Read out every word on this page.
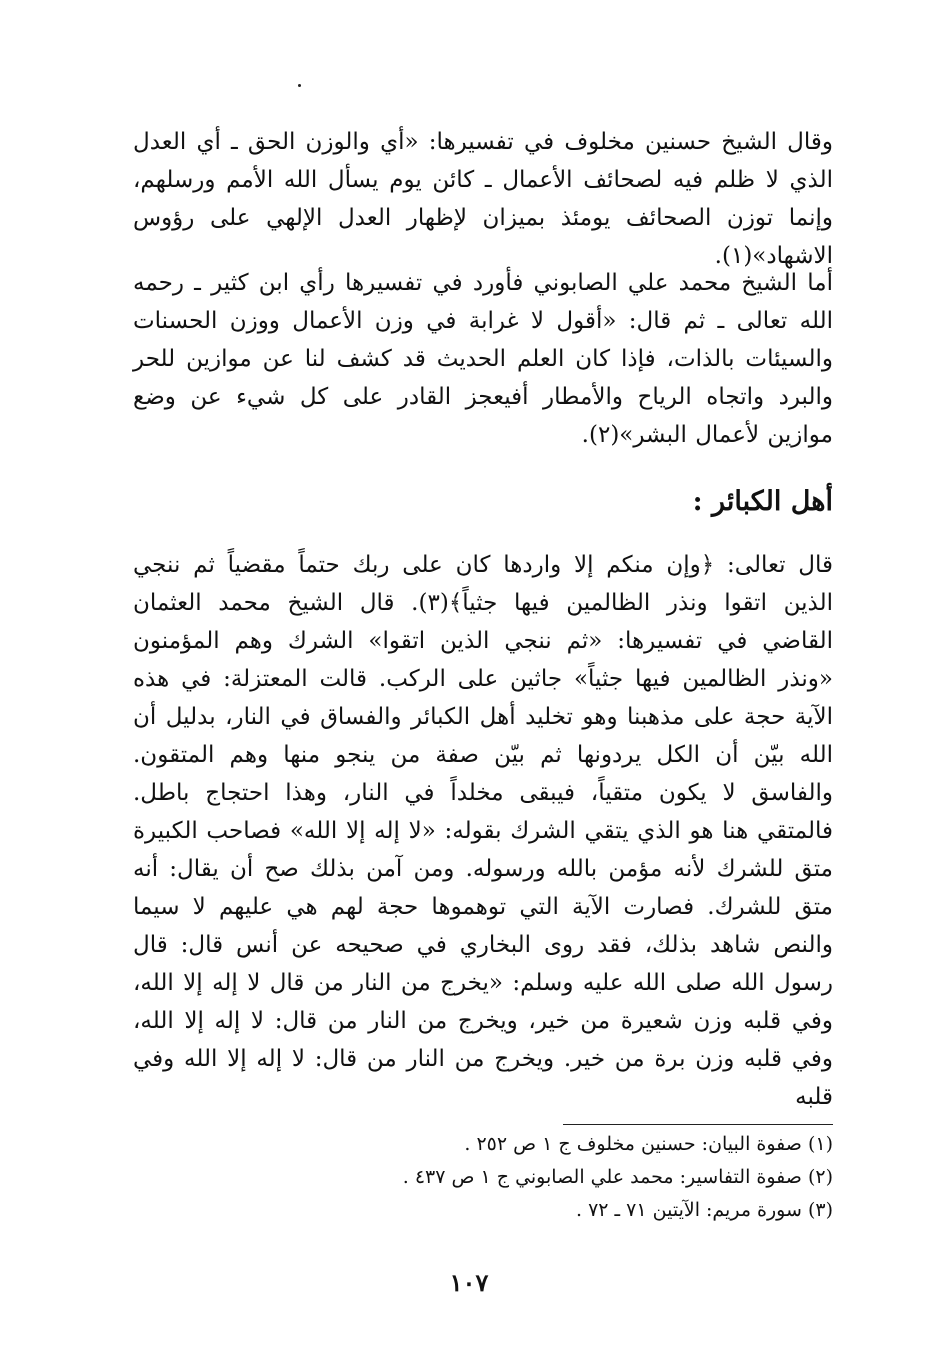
وقال الشيخ حسنين مخلوف في تفسيرها: «أي والوزن الحق ـ أي العدل الذي لا ظلم فيه لصحائف الأعمال ـ كائن يوم يسأل الله الأمم ورسلهم، وإنما توزن الصحائف يومئذ بميزان لإظهار العدل الإلهي على رؤوس الاشهاد»(١).

أما الشيخ محمد علي الصابوني فأورد في تفسيرها رأي ابن كثير ـ رحمه الله تعالى ـ ثم قال: «أقول لا غرابة في وزن الأعمال ووزن الحسنات والسيئات بالذات، فإذا كان العلم الحديث قد كشف لنا عن موازين للحر والبرد واتجاه الرياح والأمطار أفيعجز القادر على كل شيء عن وضع موازين لأعمال البشر»(٢).

أهل الكبائر :

قال تعالى: ﴿وإن منكم إلا واردها كان على ربك حتماً مقضياً ثم ننجي الذين اتقوا ونذر الظالمين فيها جثياً﴾(٣). قال الشيخ محمد العثمان القاضي في تفسيرها: «ثم ننجي الذين اتقوا» الشرك وهم المؤمنون «ونذر الظالمين فيها جثياً» جاثين على الركب. قالت المعتزلة: في هذه الآية حجة على مذهبنا وهو تخليد أهل الكبائر والفساق في النار، بدليل أن الله بيّن أن الكل يردونها ثم بيّن صفة من ينجو منها وهم المتقون. والفاسق لا يكون متقياً، فيبقى مخلداً في النار، وهذا احتجاج باطل. فالمتقي هنا هو الذي يتقي الشرك بقوله: «لا إله إلا الله» فصاحب الكبيرة متق للشرك لأنه مؤمن بالله ورسوله. ومن آمن بذلك صح أن يقال: أنه متق للشرك. فصارت الآية التي توهموها حجة لهم هي عليهم لا سيما والنص شاهد بذلك، فقد روى البخاري في صحيحه عن أنس قال: قال رسول الله صلى الله عليه وسلم: «يخرج من النار من قال لا إله إلا الله، وفي قلبه وزن شعيرة من خير، ويخرج من النار من قال: لا إله إلا الله، وفي قلبه وزن برة من خير. ويخرج من النار من قال: لا إله إلا الله وفي قلبه

(١) صفوة البيان: حسنين مخلوف ج ١ ص ٢٥٢ .
(٢) صفوة التفاسير: محمد علي الصابوني ج ١ ص ٤٣٧ .
(٣) سورة مريم: الآيتين ٧١ ـ ٧٢ .
١٠٧
